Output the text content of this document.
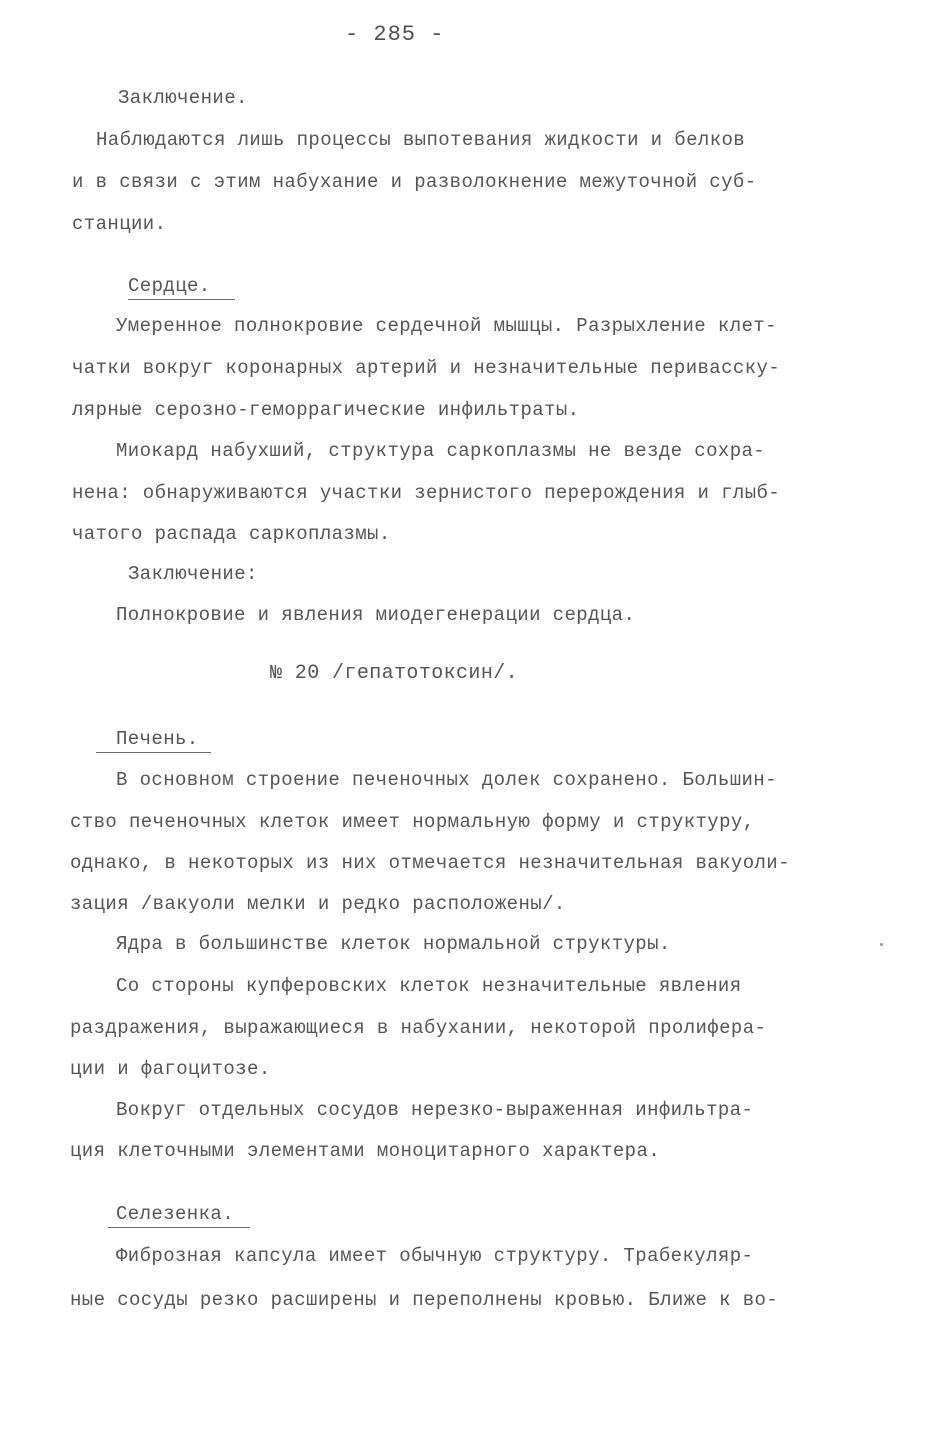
- 285 -
Заключение.
Наблюдаются лишь процессы выпотевания жидкости и белков
и в связи с этим набухание и разволокнение межуточной суб-
станции.
Сердце.
Умеренное полнокровие сердечной мышцы. Разрыхление клет-
чатки вокруг коронарных артерий и незначительные перивасску-
лярные серозно-геморрагические инфильтраты.
Миокард набухший, структура саркоплазмы не везде сохра-
нена: обнаруживаются участки зернистого перерождения и глыб-
чатого распада саркоплазмы.
Заключение:
Полнокровие и явления миодегенерации сердца.
№ 20 /гепатотоксин/.
Печень.
В основном строение печеночных долек сохранено. Большин-
ство печеночных клеток имеет нормальную форму и структуру,
однако, в некоторых из них отмечается незначительная вакуоли-
зация /вакуоли мелки и редко расположены/.
Ядра в большинстве клеток нормальной структуры.
Со стороны купферовских клеток незначительные явления
раздражения, выражающиеся в набухании, некоторой пролифера-
ции и фагоцитозе.
Вокруг отдельных сосудов нерезко-выраженная инфильтра-
ция клеточными элементами моноцитарного характера.
Селезенка.
Фиброзная капсула имеет обычную структуру. Трабекуляр-
ные сосуды резко расширены и переполнены кровью. Ближе к во-
